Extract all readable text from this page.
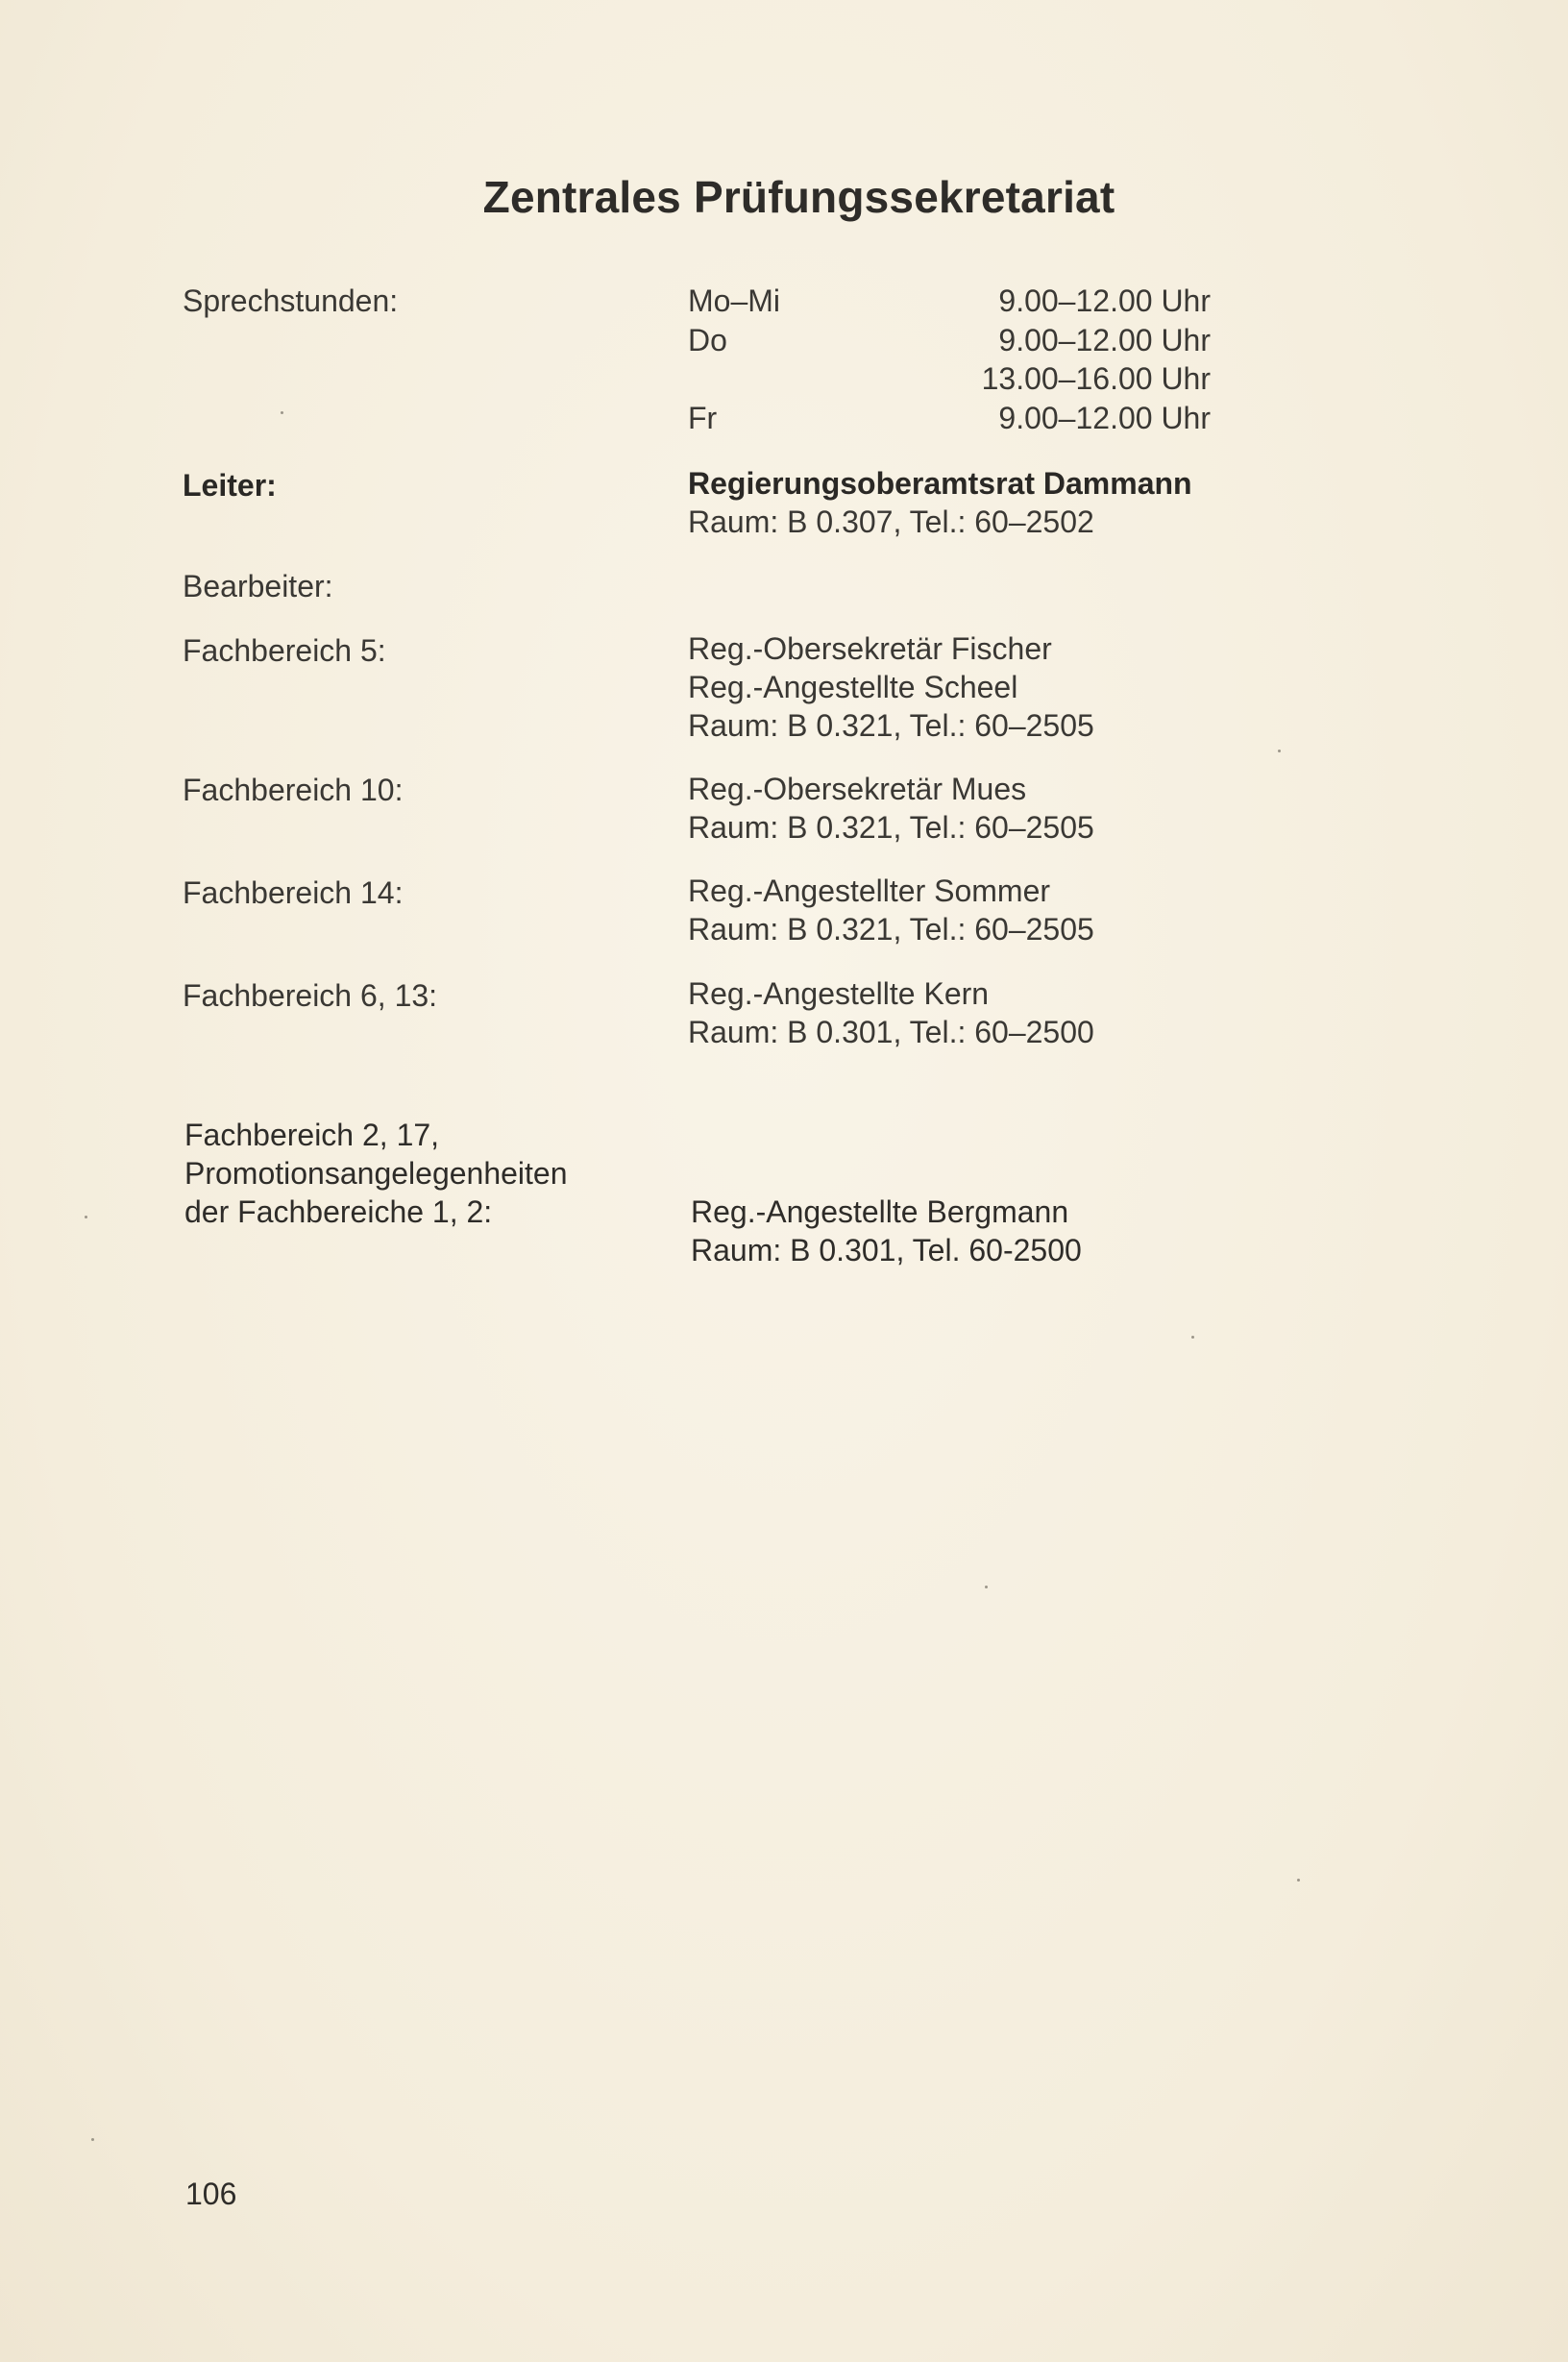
Zentrales Prüfungssekretariat
Sprechstunden:	Mo–Mi	9.00–12.00 Uhr
Do	9.00–12.00 Uhr
13.00–16.00 Uhr
Fr	9.00–12.00 Uhr
Leiter:	Regierungsoberamtsrat Dammann
Raum: B 0.307, Tel.: 60–2502
Bearbeiter:
Fachbereich 5:	Reg.-Obersekretär Fischer
Reg.-Angestellte Scheel
Raum: B 0.321, Tel.: 60–2505
Fachbereich 10:	Reg.-Obersekretär Mues
Raum: B 0.321, Tel.: 60–2505
Fachbereich 14:	Reg.-Angestellter Sommer
Raum: B 0.321, Tel.: 60–2505
Fachbereich 6, 13:	Reg.-Angestellte Kern
Raum: B 0.301, Tel.: 60–2500
Fachbereich 2, 17,
Promotionsangelegenheiten
der Fachbereiche 1, 2:	Reg.-Angestellte Bergmann
Raum: B 0.301, Tel. 60-2500
106
